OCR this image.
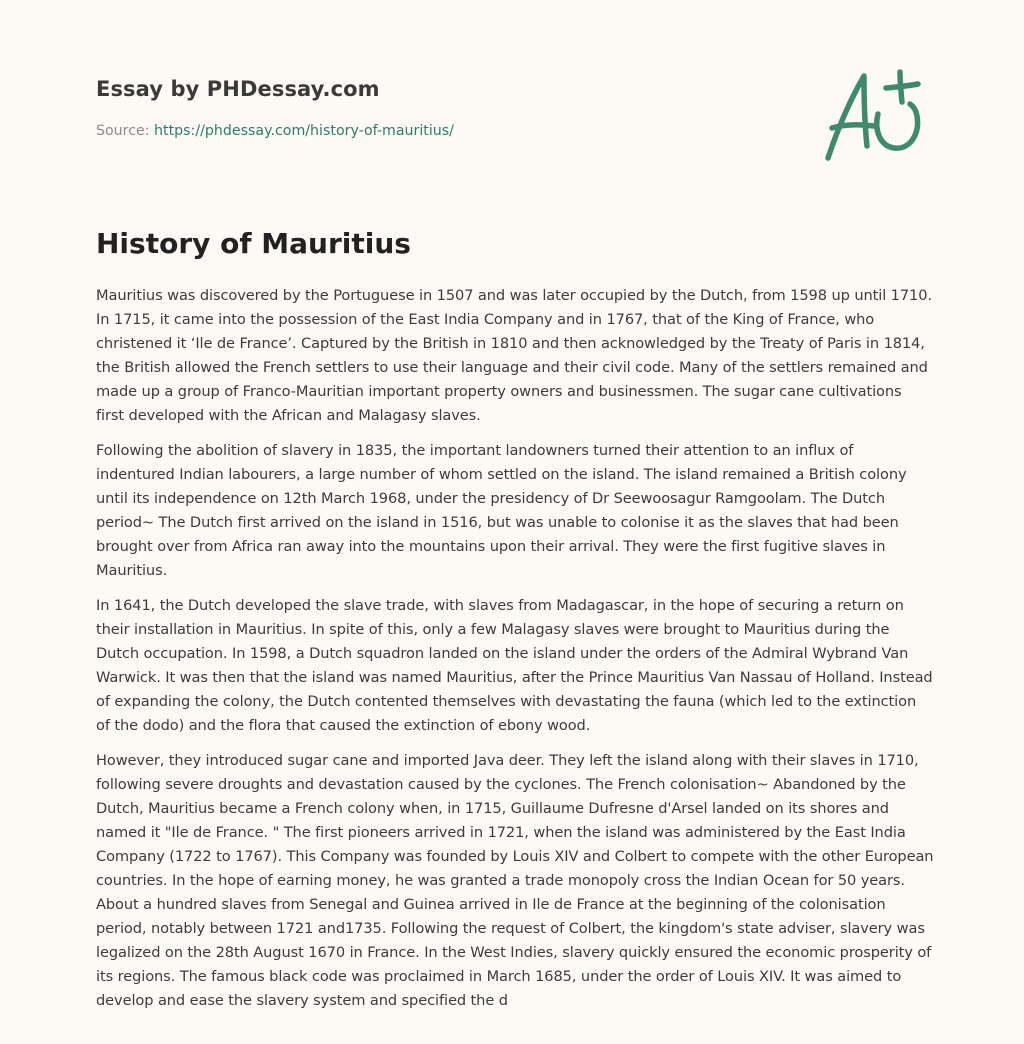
Essay by PHDessay.com
Source: https://phdessay.com/history-of-mauritius/
History of Mauritius

Mauritius was discovered by the Portuguese in 1507 and was later occupied by the Dutch, from 1598 up until 1710. In 1715, it came into the possession of the East India Company and in 1767, that of the King of France, who christened it ‘Ile de France’. Captured by the British in 1810 and then acknowledged by the Treaty of Paris in 1814, the British allowed the French settlers to use their language and their civil code. Many of the settlers remained and made up a group of Franco-Mauritian important property owners and businessmen. The sugar cane cultivations first developed with the African and Malagasy slaves.

Following the abolition of slavery in 1835, the important landowners turned their attention to an influx of indentured Indian labourers, a large number of whom settled on the island. The island remained a British colony until its independence on 12th March 1968, under the presidency of Dr Seewoosagur Ramgoolam. The Dutch period~ The Dutch first arrived on the island in 1516, but was unable to colonise it as the slaves that had been brought over from Africa ran away into the mountains upon their arrival. They were the first fugitive slaves in Mauritius.

In 1641, the Dutch developed the slave trade, with slaves from Madagascar, in the hope of securing a return on their installation in Mauritius. In spite of this, only a few Malagasy slaves were brought to Mauritius during the Dutch occupation. In 1598, a Dutch squadron landed on the island under the orders of the Admiral Wybrand Van Warwick. It was then that the island was named Mauritius, after the Prince Mauritius Van Nassau of Holland. Instead of expanding the colony, the Dutch contented themselves with devastating the fauna (which led to the extinction of the dodo) and the flora that caused the extinction of ebony wood.

However, they introduced sugar cane and imported Java deer. They left the island along with their slaves in 1710, following severe droughts and devastation caused by the cyclones. The French colonisation~ Abandoned by the Dutch, Mauritius became a French colony when, in 1715, Guillaume Dufresne d'Arsel landed on its shores and named it "Ile de France. " The first pioneers arrived in 1721, when the island was administered by the East India Company (1722 to 1767). This Company was founded by Louis XIV and Colbert to compete with the other European countries. In the hope of earning money, he was granted a trade monopoly cross the Indian Ocean for 50 years. About a hundred slaves from Senegal and Guinea arrived in Ile de France at the beginning of the colonisation period, notably between 1721 and1735. Following the request of Colbert, the kingdom's state adviser, slavery was legalized on the 28th August 1670 in France. In the West Indies, slavery quickly ensured the economic prosperity of its regions. The famous black code was proclaimed in March 1685, under the order of Louis XIV. It was aimed to develop and ease the slavery system and specified the d
